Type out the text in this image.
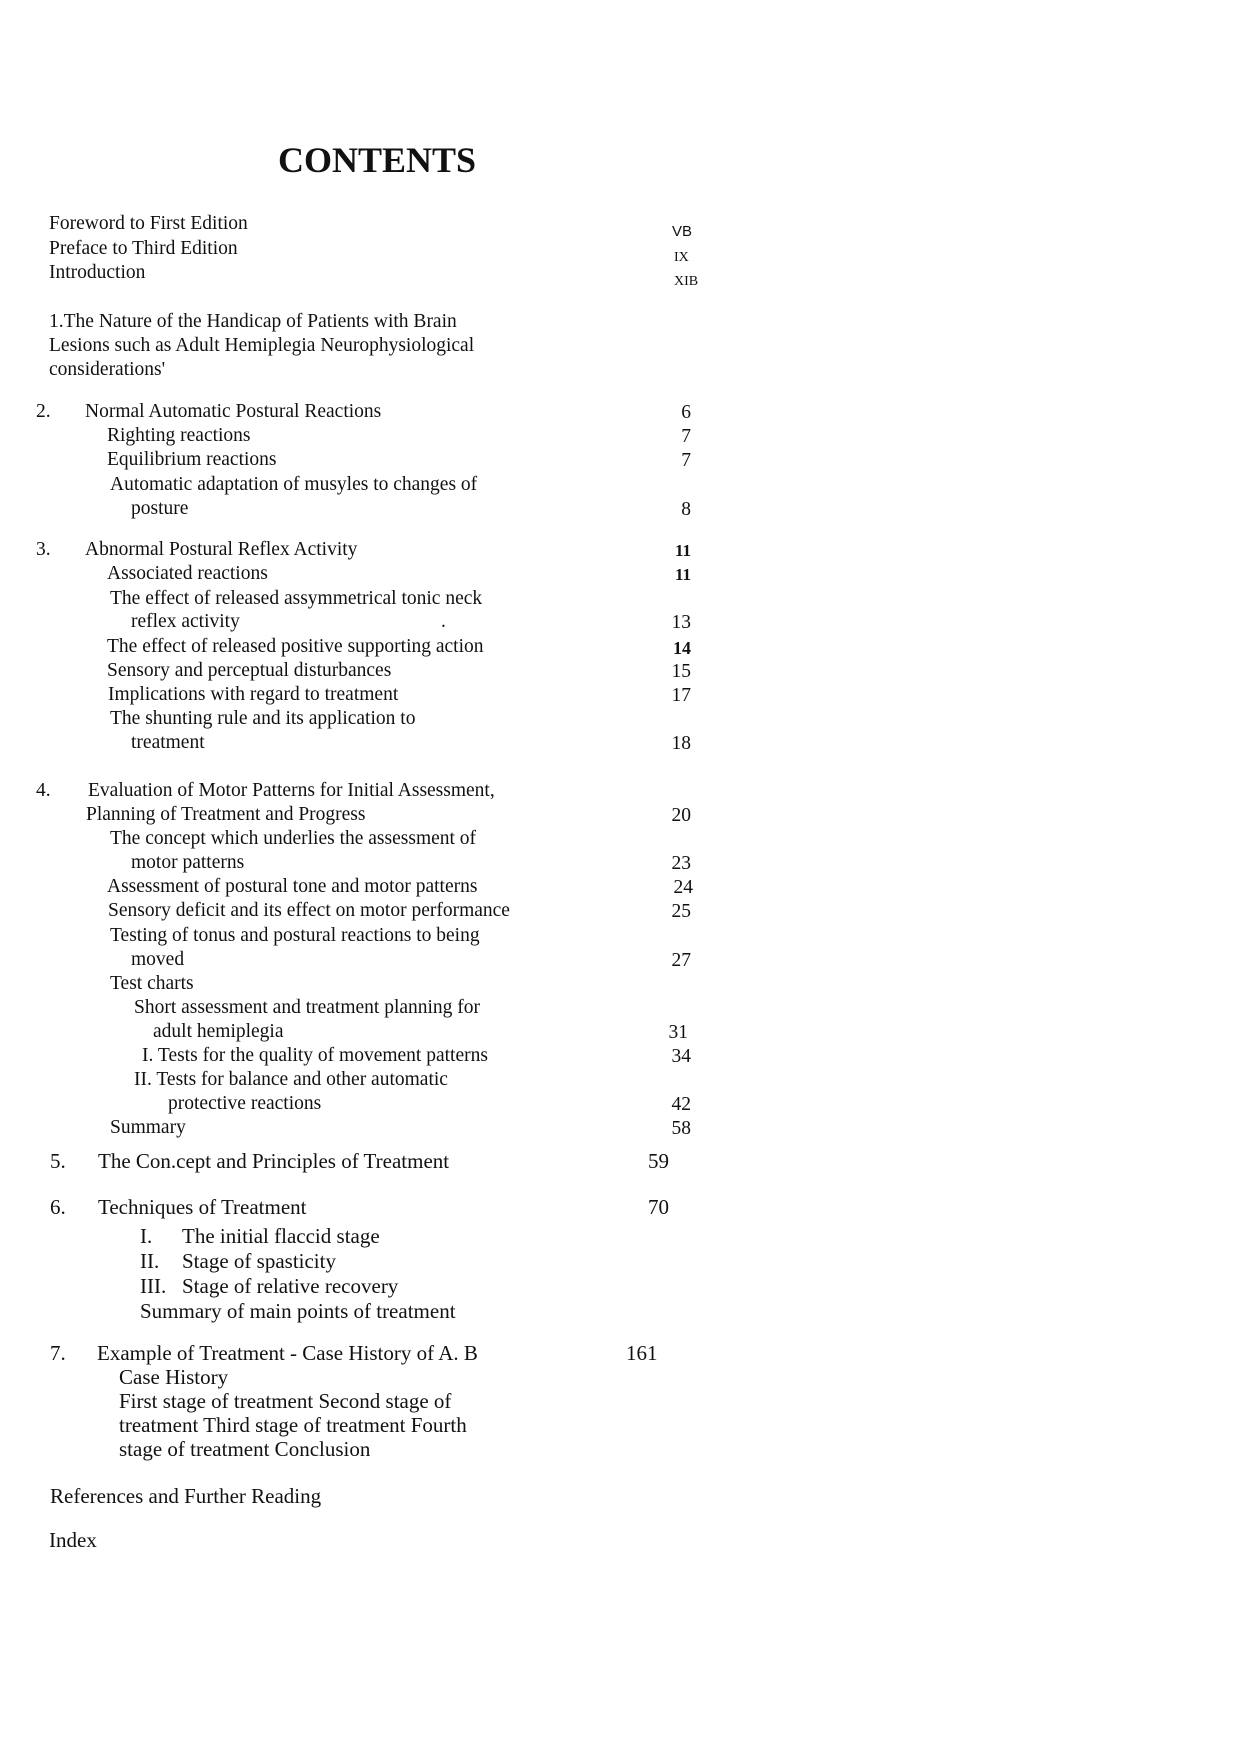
CONTENTS
Foreword to First Edition	VB
Preface to Third Edition	IX
Introduction	XIB
1.The Nature of the Handicap of Patients with Brain
Lesions such as Adult Hemiplegia Neurophysiological
considerations'
2. Normal Automatic Postural Reactions	6
Righting reactions	7
Equilibrium reactions	7
Automatic adaptation of musyles to changes of
posture	8
3. Abnormal Postural Reflex Activity	11
Associated reactions	11
The effect of released assymmetrical tonic neck
reflex activity	.	13
The effect of released positive supporting action	14
Sensory and perceptual disturbances	15
Implications with regard to treatment	17
The shunting rule and its application to
treatment	18
4. Evaluation of Motor Patterns for Initial Assessment,
Planning of Treatment and Progress	20
The concept which underlies the assessment of
motor patterns	23
Assessment of postural tone and motor patterns	24
Sensory deficit and its effect on motor performance	25
Testing of tonus and postural reactions to being
moved	27
Test charts
Short assessment and treatment planning for
adult hemiplegia	31
I. Tests for the quality of movement patterns	34
II. Tests for balance and other automatic
protective reactions	42
Summary	58
5. The Con.cept and Principles of Treatment	59
6. Techniques of Treatment	70
I. The initial flaccid stage
II. Stage of spasticity
III. Stage of relative recovery
Summary of main points of treatment
7. Example of Treatment - Case History of A. B	161
Case History
First stage of treatment Second stage of
treatment Third stage of treatment Fourth
stage of treatment Conclusion
References and Further Reading
Index
